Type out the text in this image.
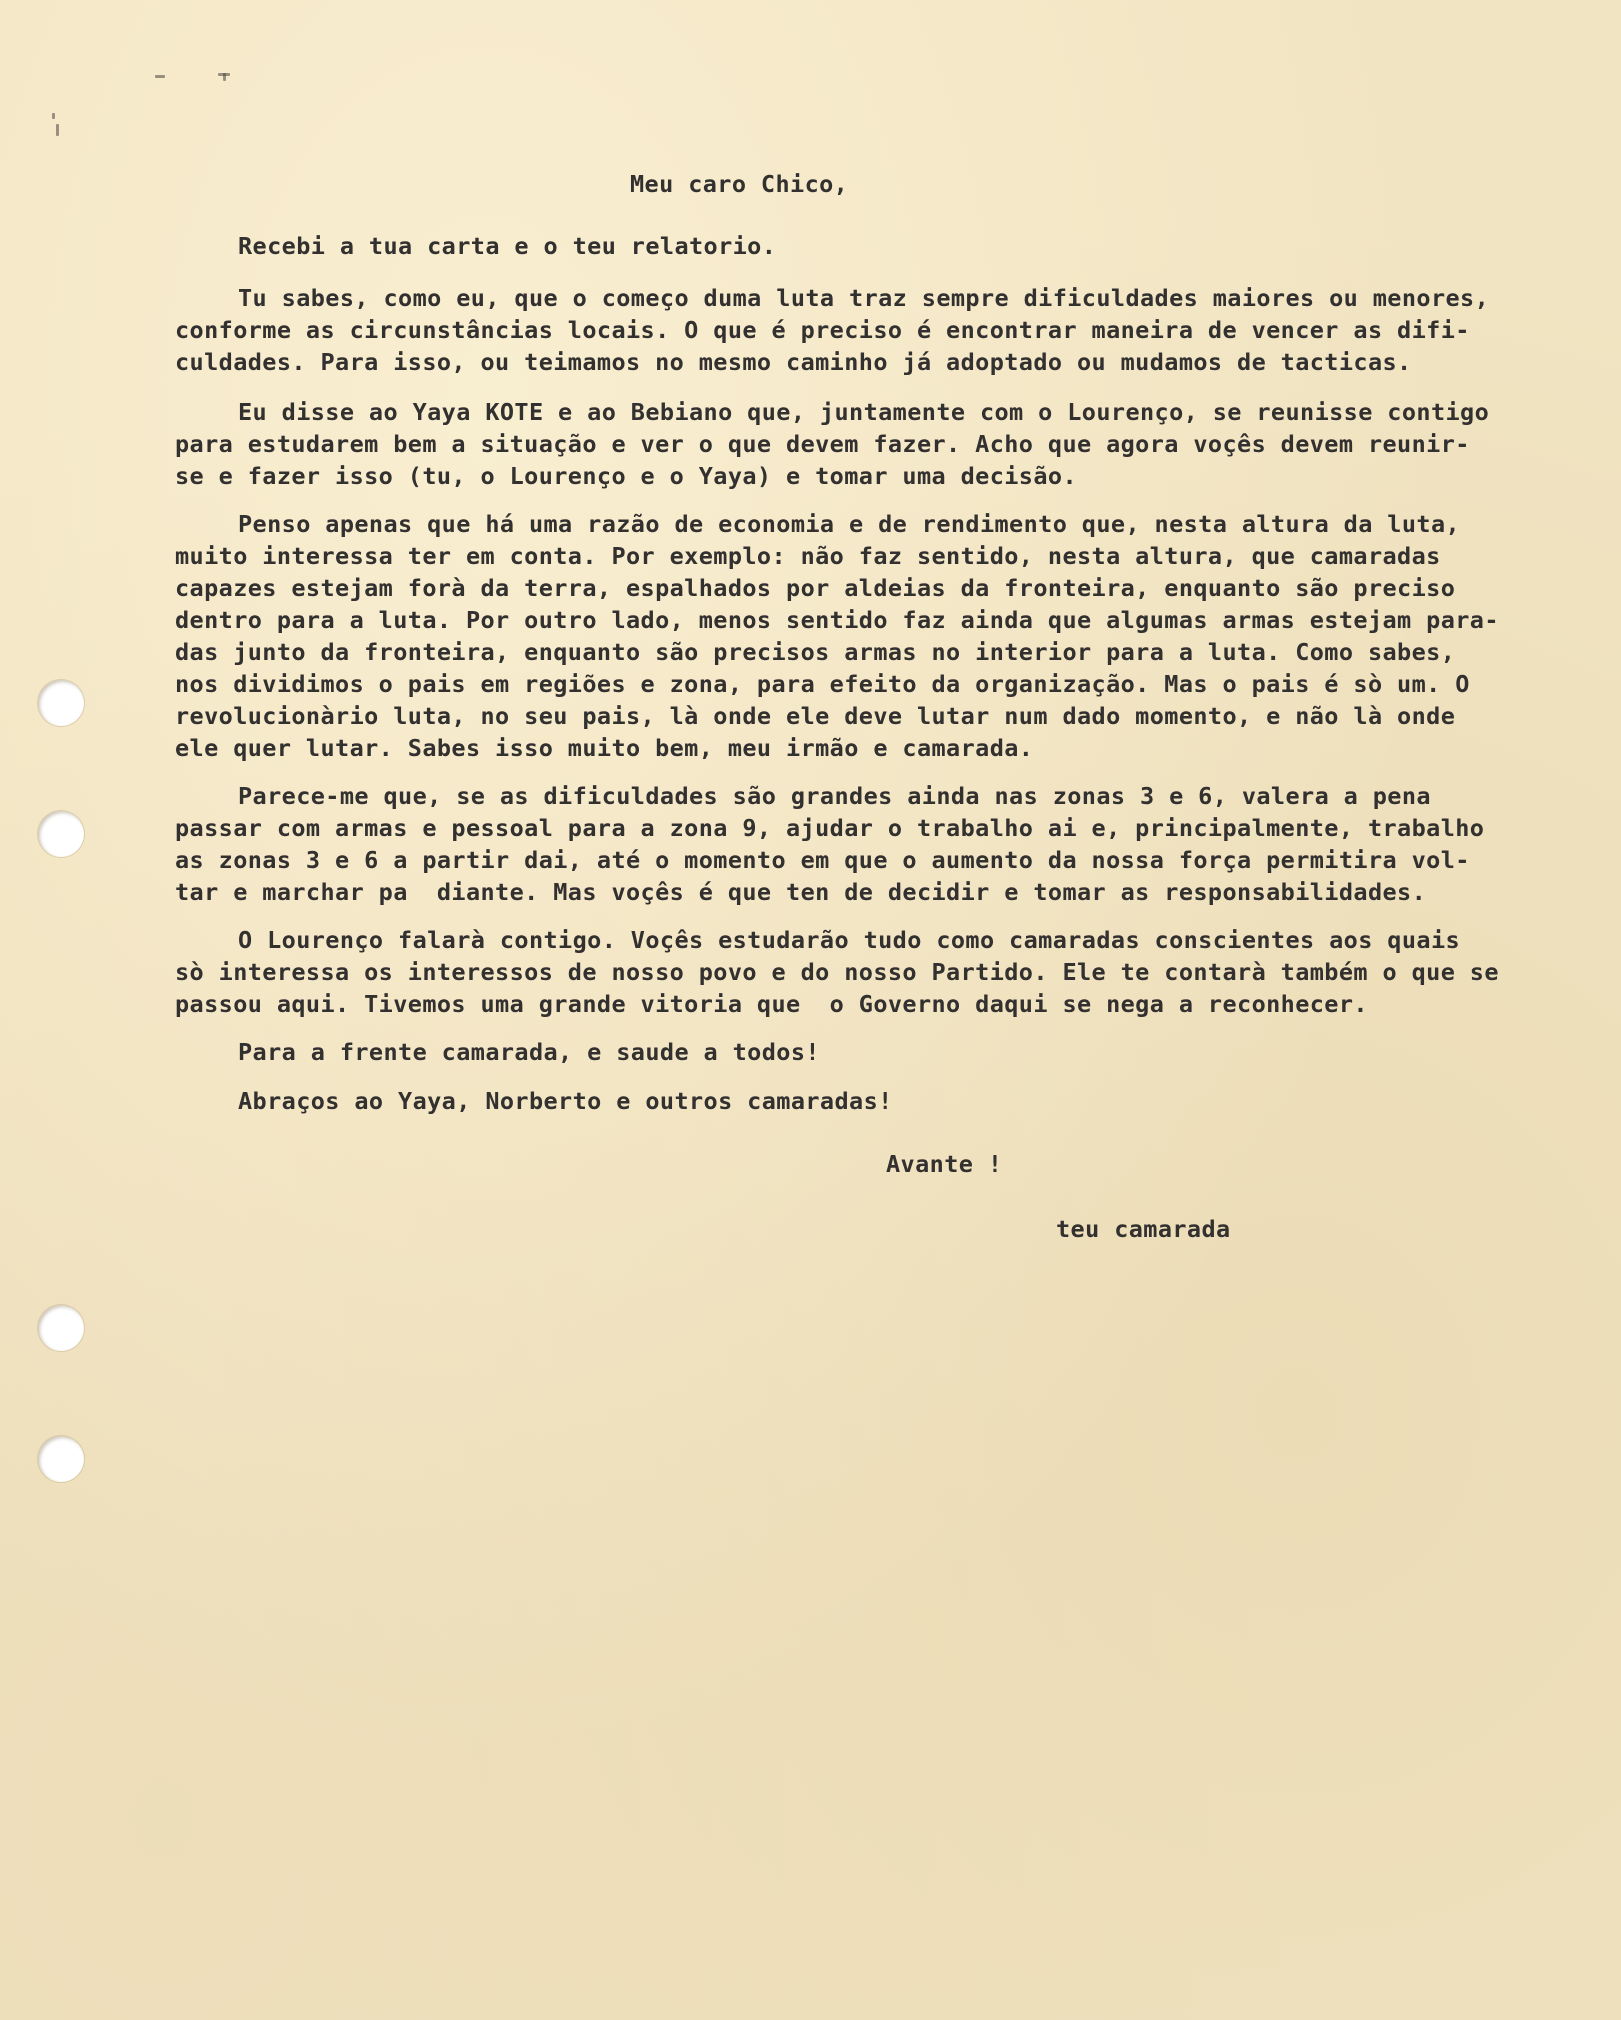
Meu caro Chico,
Recebi a tua carta e o teu relatorio.
Tu sabes, como eu, que o começo duma luta traz sempre dificuldades maiores ou menores,
conforme as circunstâncias locais. O que é preciso é encontrar maneira de vencer as difi-
culdades. Para isso, ou teimamos no mesmo caminho já adoptado ou mudamos de tacticas.
Eu disse ao Yaya KOTE e ao Bebiano que, juntamente com o Lourenço, se reunisse contigo
para estudarem bem a situação e ver o que devem fazer. Acho que agora voçês devem reunir-
se e fazer isso (tu, o Lourenço e o Yaya) e tomar uma decisão.
Penso apenas que há uma razão de economia e de rendimento que, nesta altura da luta,
muito interessa ter em conta. Por exemplo: não faz sentido, nesta altura, que camaradas
capazes estejam forà da terra, espalhados por aldeias da fronteira, enquanto são preciso
dentro para a luta. Por outro lado, menos sentido faz ainda que algumas armas estejam para-
das junto da fronteira, enquanto são precisos armas no interior para a luta. Como sabes,
nos dividimos o pais em regiões e zona, para efeito da organização. Mas o pais é sò um. O
revolucionàrio luta, no seu pais, là onde ele deve lutar num dado momento, e não là onde
ele quer lutar. Sabes isso muito bem, meu irmão e camarada.
Parece-me que, se as dificuldades são grandes ainda nas zonas 3 e 6, valera a pena
passar com armas e pessoal para a zona 9, ajudar o trabalho ai e, principalmente, trabalho
as zonas 3 e 6 a partir dai, até o momento em que o aumento da nossa força permitira vol-
tar e marchar pa  diante. Mas voçês é que ten de decidir e tomar as responsabilidades.
O Lourenço falarà contigo. Voçês estudarão tudo como camaradas conscientes aos quais
sò interessa os interessos de nosso povo e do nosso Partido. Ele te contarà também o que se
passou aqui. Tivemos uma grande vitoria que  o Governo daqui se nega a reconhecer.
Para a frente camarada, e saude a todos!
Abraços ao Yaya, Norberto e outros camaradas!
Avante !
teu camarada
